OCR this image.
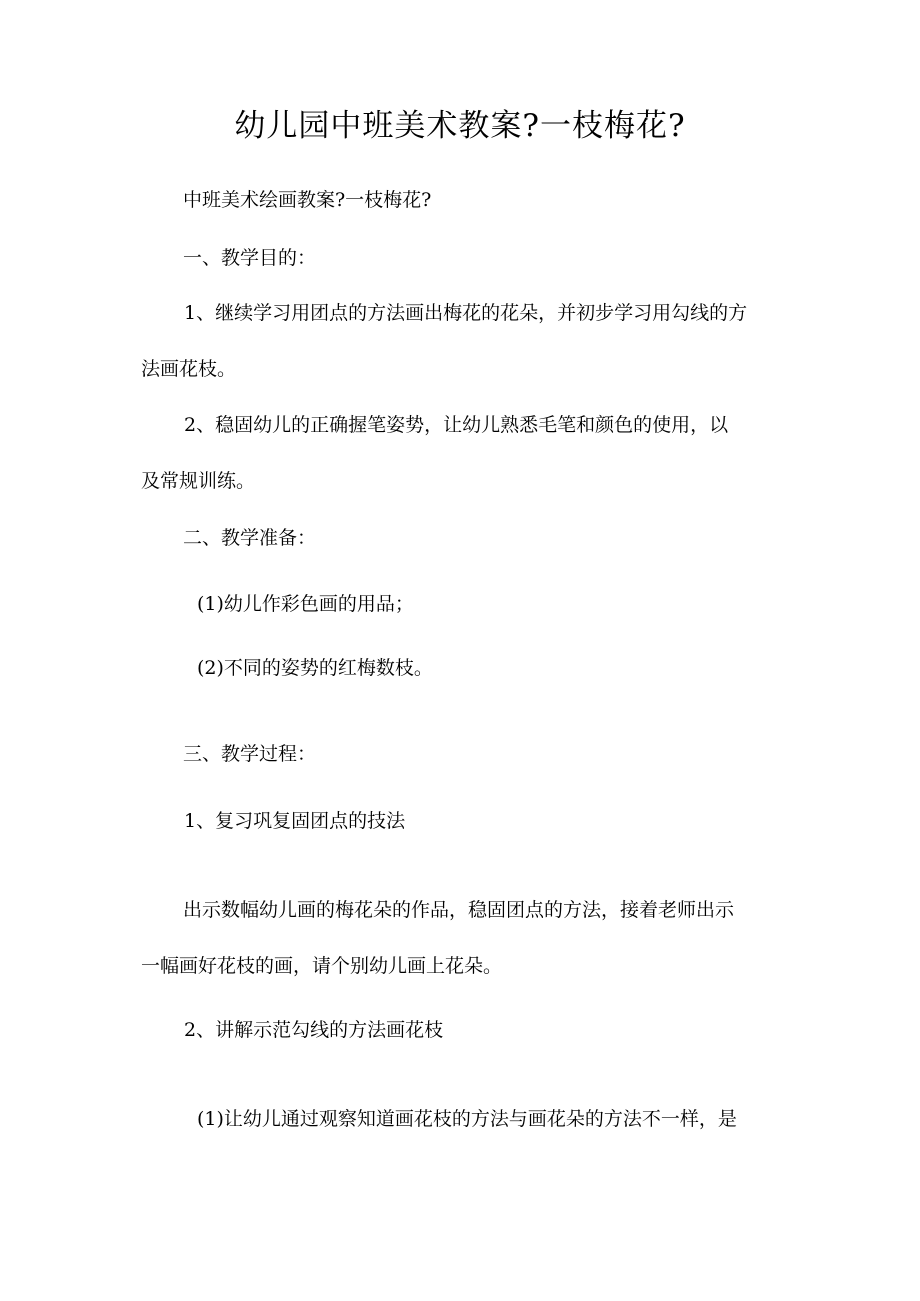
幼儿园中班美术教案?一枝梅花?
中班美术绘画教案?一枝梅花?
一、教学目的：
1、继续学习用团点的方法画出梅花的花朵，并初步学习用勾线的方
法画花枝。
2、稳固幼儿的正确握笔姿势，让幼儿熟悉毛笔和颜色的使用，以
及常规训练。
二、教学准备：
(1)幼儿作彩色画的用品；
(2)不同的姿势的红梅数枝。
三、教学过程：
1、复习巩复固团点的技法
出示数幅幼儿画的梅花朵的作品，稳固团点的方法，接着老师出示
一幅画好花枝的画，请个别幼儿画上花朵。
2、讲解示范勾线的方法画花枝
(1)让幼儿通过观察知道画花枝的方法与画花朵的方法不一样，是
